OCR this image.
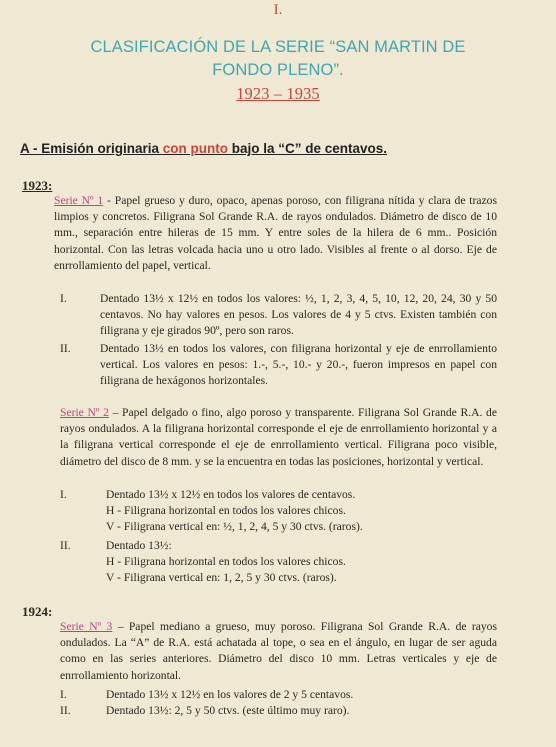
I.
CLASIFICACIÓN DE LA SERIE “SAN MARTIN DE
FONDO PLENO”.
1923 – 1935
A - Emisión originaria con punto bajo la “C” de centavos.
1923:

Serie Nº 1 - Papel grueso y duro, opaco, apenas poroso, con filigrana nítida y clara de trazos limpios y concretos. Filigrana Sol Grande R.A. de rayos ondulados. Diámetro de disco de 10 mm., separación entre hileras de 15 mm. Y entre soles de la hilera de 6 mm.. Posición horizontal. Con las letras volcada hacia uno u otro lado. Visibles al frente o al dorso. Eje de enrrollamiento del papel, vertical.

I.	Dentado 13½ x 12½ en todos los valores: ½, 1, 2, 3, 4, 5, 10, 12, 20, 24, 30 y 50 centavos. No hay valores en pesos. Los valores de 4 y 5 ctvs. Existen también con filigrana y eje girados 90º, pero son raros.
II.	Dentado 13½ en todos los valores, con filigrana horizontal y eje de enrrollamiento vertical. Los valores en pesos: 1.-, 5.-, 10.- y 20.-, fueron impresos en papel con filigrana de hexágonos horizontales.

Serie Nº 2 – Papel delgado o fino, algo poroso y transparente. Filigrana Sol Grande R.A. de rayos ondulados. A la filigrana horizontal corresponde el eje de enrrollamiento horizontal y a la filigrana vertical corresponde el eje de enrrollamiento vertical. Filigrana poco visible, diámetro del disco de 8 mm. y se la encuentra en todas las posiciones, horizontal y vertical.

I.	Dentado 13½ x 12½ en todos los valores de centavos.
H - Filigrana horizontal en todos los valores chicos.
V - Filigrana vertical en: ½, 1, 2, 4, 5 y 30 ctvs. (raros).
II.	Dentado 13½:
H - Filigrana horizontal en todos los valores chicos.
V - Filigrana vertical en: 1, 2, 5 y 30 ctvs. (raros).
1924:

Serie Nº 3 – Papel mediano a grueso, muy poroso. Filigrana Sol Grande R.A. de rayos ondulados. La “A” de R.A. está achatada al tope, o sea en el ángulo, en lugar de ser aguda como en las series anteriores. Diámetro del disco 10 mm. Letras verticales y eje de enrrollamiento horizontal.

I.	Dentado 13½ x 12½ en los valores de 2 y 5 centavos.
II.	Dentado 13½: 2, 5 y 50 ctvs. (este último muy raro).
